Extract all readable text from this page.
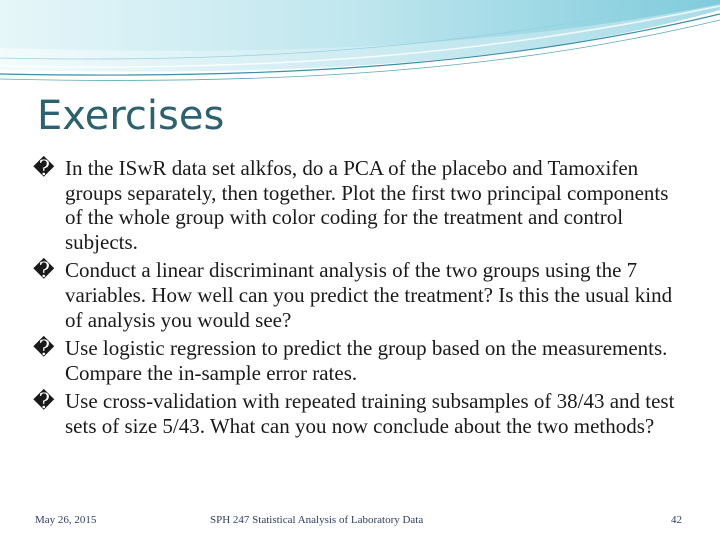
Exercises
� In the ISwR data set alkfos, do a PCA of the placebo and Tamoxifen groups separately, then together. Plot the first two principal components of the whole group with color coding for the treatment and control subjects.
� Conduct a linear discriminant analysis of the two groups using the 7 variables. How well can you predict the treatment? Is this the usual kind of analysis you would see?
� Use logistic regression to predict the group based on the measurements. Compare the in-sample error rates.
� Use cross-validation with repeated training subsamples of 38/43 and test sets of size 5/43. What can you now conclude about the two methods?
May 26, 2015	SPH 247 Statistical Analysis of Laboratory Data	42
